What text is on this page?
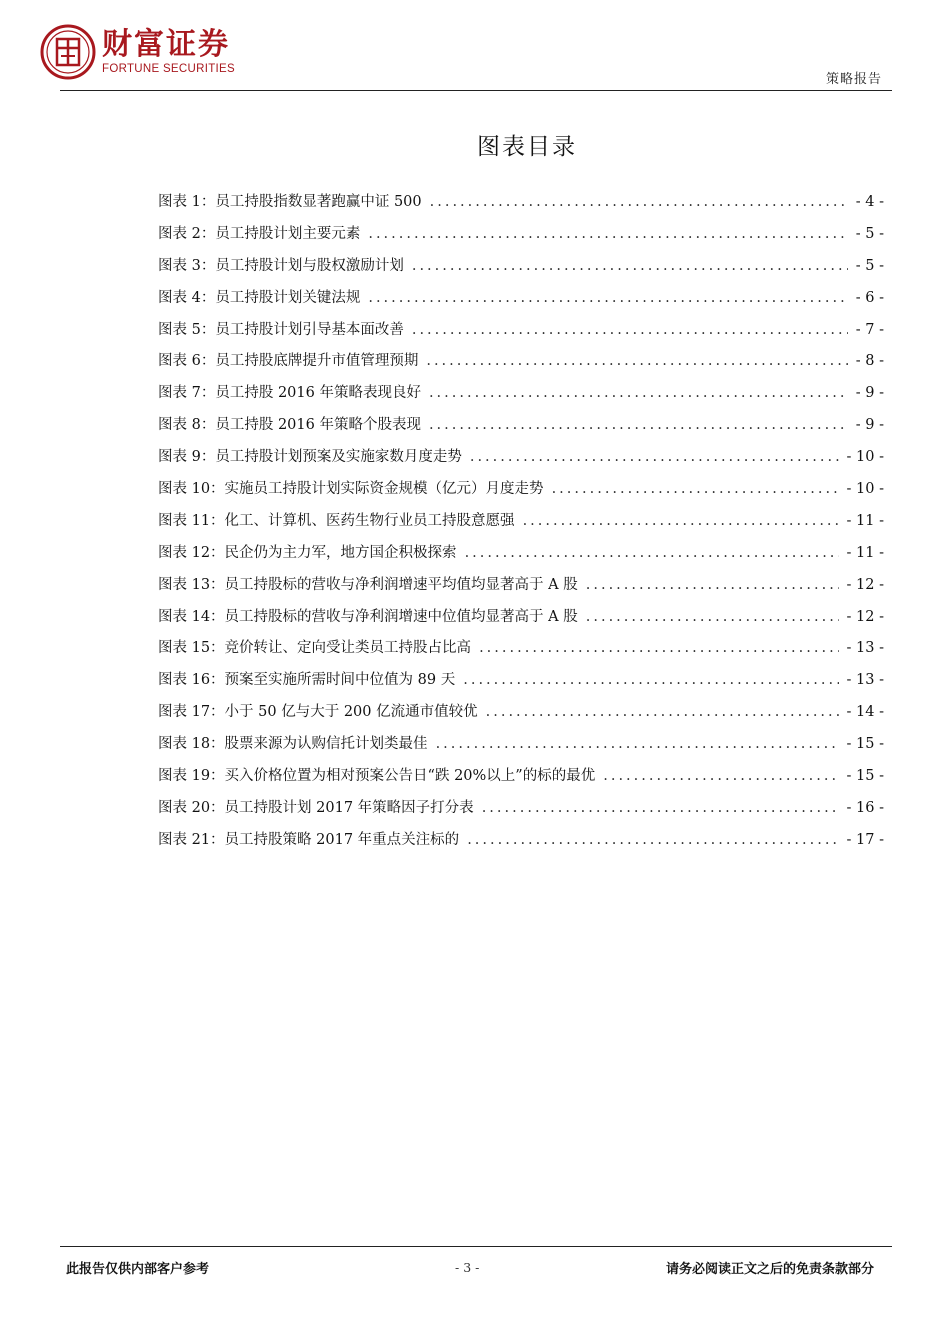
财富证券
FORTUNE SECURITIES
策略报告
图表目录
图表 1：员工持股指数显著跑赢中证 500 .....	- 4 -
图表 2：员工持股计划主要元素 .....	- 5 -
图表 3：员工持股计划与股权激励计划 .....	- 5 -
图表 4：员工持股计划关键法规 .....	- 6 -
图表 5：员工持股计划引导基本面改善 .....	- 7 -
图表 6：员工持股底牌提升市值管理预期 .....	- 8 -
图表 7：员工持股 2016 年策略表现良好 .....	- 9 -
图表 8：员工持股 2016 年策略个股表现 .....	- 9 -
图表 9：员工持股计划预案及实施家数月度走势 .....	- 10 -
图表 10：实施员工持股计划实际资金规模（亿元）月度走势 .....	- 10 -
图表 11：化工、计算机、医药生物行业员工持股意愿强 .....	- 11 -
图表 12：民企仍为主力军，地方国企积极探索 .....	- 11 -
图表 13：员工持股标的营收与净利润增速平均值均显著高于 A 股 .....	- 12 -
图表 14：员工持股标的营收与净利润增速中位值均显著高于 A 股 .....	- 12 -
图表 15：竞价转让、定向受让类员工持股占比高 .....	- 13 -
图表 16：预案至实施所需时间中位值为 89 天 .....	- 13 -
图表 17：小于 50 亿与大于 200 亿流通市值较优 .....	- 14 -
图表 18：股票来源为认购信托计划类最佳 .....	- 15 -
图表 19：买入价格位置为相对预案公告日“跌 20%以上”的标的最优 .....	- 15 -
图表 20：员工持股计划 2017 年策略因子打分表 .....	- 16 -
图表 21：员工持股策略 2017 年重点关注标的 .....	- 17 -
此报告仅供内部客户参考	- 3 -	请务必阅读正文之后的免责条款部分
